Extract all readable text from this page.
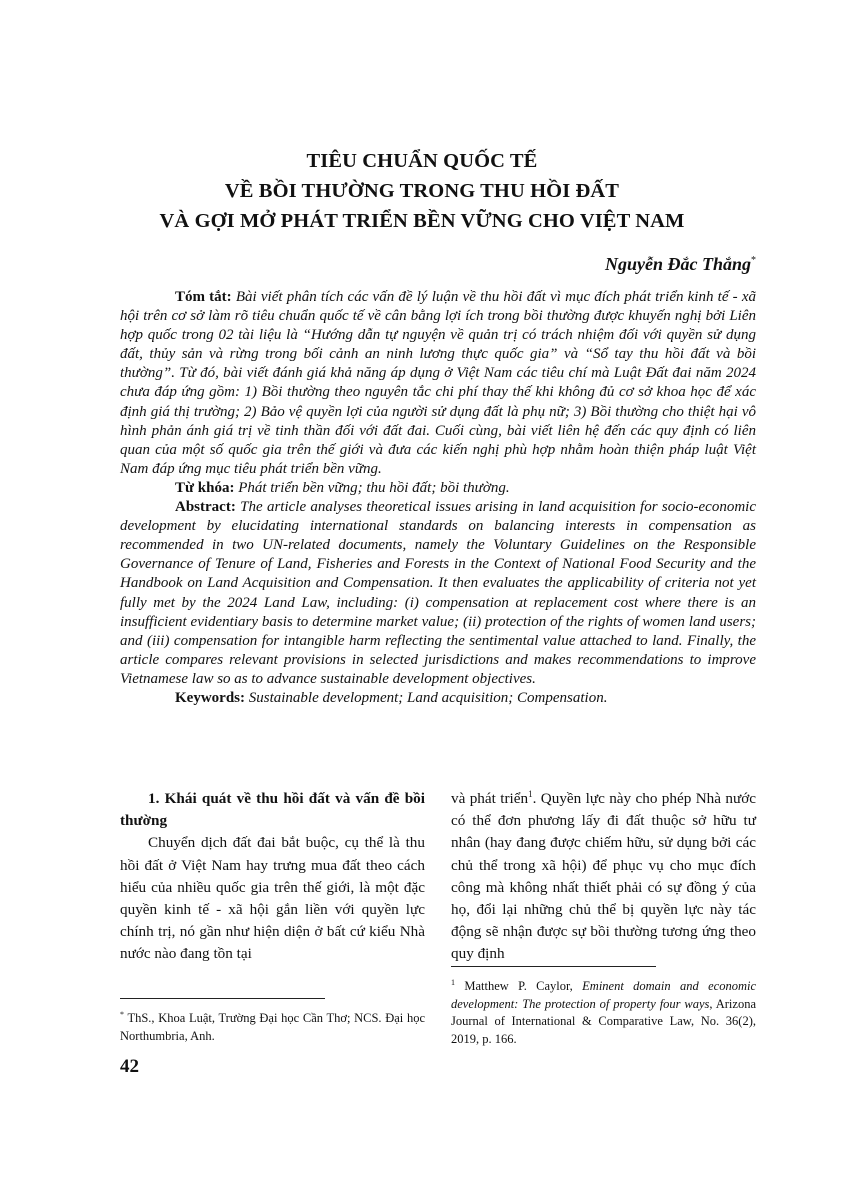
TIÊU CHUẨN QUỐC TẾ
VỀ BỒI THƯỜNG TRONG THU HỒI ĐẤT
VÀ GỢI MỞ PHÁT TRIỂN BỀN VỮNG CHO VIỆT NAM
Nguyễn Đắc Thắng*

Tóm tắt: Bài viết phân tích các vấn đề lý luận về thu hồi đất vì mục đích phát triển kinh tế - xã hội trên cơ sở làm rõ tiêu chuẩn quốc tế về cân bằng lợi ích trong bồi thường được khuyến nghị bởi Liên hợp quốc trong 02 tài liệu là “Hướng dẫn tự nguyện về quản trị có trách nhiệm đối với quyền sử dụng đất, thủy sản và rừng trong bối cảnh an ninh lương thực quốc gia” và “Sổ tay thu hồi đất và bồi thường”. Từ đó, bài viết đánh giá khả năng áp dụng ở Việt Nam các tiêu chí mà Luật Đất đai năm 2024 chưa đáp ứng gồm: 1) Bồi thường theo nguyên tắc chi phí thay thế khi không đủ cơ sở khoa học để xác định giá thị trường; 2) Bảo vệ quyền lợi của người sử dụng đất là phụ nữ; 3) Bồi thường cho thiệt hại vô hình phản ánh giá trị về tinh thần đối với đất đai. Cuối cùng, bài viết liên hệ đến các quy định có liên quan của một số quốc gia trên thế giới và đưa các kiến nghị phù hợp nhằm hoàn thiện pháp luật Việt Nam đáp ứng mục tiêu phát triển bền vững.

Từ khóa: Phát triển bền vững; thu hồi đất; bồi thường.

Abstract: The article analyses theoretical issues arising in land acquisition for socio-economic development by elucidating international standards on balancing interests in compensation as recommended in two UN-related documents, namely the Voluntary Guidelines on the Responsible Governance of Tenure of Land, Fisheries and Forests in the Context of National Food Security and the Handbook on Land Acquisition and Compensation. It then evaluates the applicability of criteria not yet fully met by the 2024 Land Law, including: (i) compensation at replacement cost where there is an insufficient evidentiary basis to determine market value; (ii) protection of the rights of women land users; and (iii) compensation for intangible harm reflecting the sentimental value attached to land. Finally, the article compares relevant provisions in selected jurisdictions and makes recommendations to improve Vietnamese law so as to advance sustainable development objectives.

Keywords: Sustainable development; Land acquisition; Compensation.

1. Khái quát về thu hồi đất và vấn đề bồi thường

Chuyển dịch đất đai bắt buộc, cụ thể là thu hồi đất ở Việt Nam hay trưng mua đất theo cách hiểu của nhiều quốc gia trên thế giới, là một đặc quyền kinh tế - xã hội gắn liền với quyền lực chính trị, nó gần như hiện diện ở bất cứ kiểu Nhà nước nào đang tồn tại

và phát triển$^1$. Quyền lực này cho phép Nhà nước có thể đơn phương lấy đi đất thuộc sở hữu tư nhân (hay đang được chiếm hữu, sử dụng bởi các chủ thể trong xã hội) để phục vụ cho mục đích công mà không nhất thiết phải có sự đồng ý của họ, đổi lại những chủ thể bị quyền lực này tác động sẽ nhận được sự bồi thường tương ứng theo quy định

$^1$ Matthew P. Caylor, Eminent domain and economic development: The protection of property four ways, Arizona Journal of International & Comparative Law, No. 36(2), 2019, p. 166.
* ThS., Khoa Luật, Trường Đại học Cần Thơ; NCS. Đại học Northumbria, Anh.
42
